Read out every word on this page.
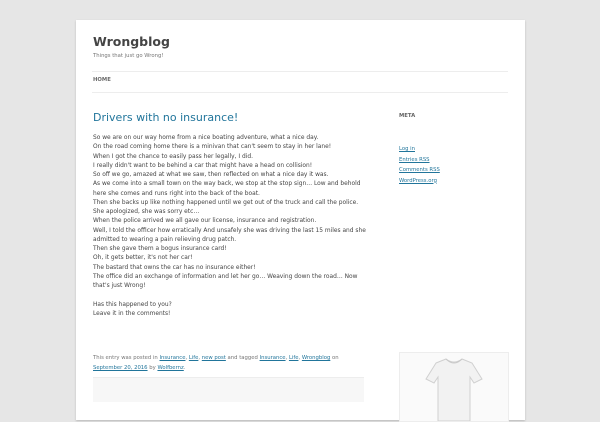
Wrongblog

Things that just go Wrong!

HOME
Drivers with no insurance!
So we are on our way home from a nice boating adventure, what a nice day.
On the road coming home there is a minivan that can't seem to stay in her lane!
When I got the chance to easily pass her legally, I did.
I really didn't want to be behind a car that might have a head on collision!
So off we go, amazed at what we saw, then reflected on what a nice day it was.
As we come into a small town on the way back, we stop at the stop sign… Low and behold
here she comes and runs right into the back of the boat.
Then she backs up like nothing happened until we get out of the truck and call the police.
She apologized, she was sorry etc…
When the police arrived we all gave our license, insurance and registration.
Well, I told the officer how erratically And unsafely she was driving the last 15 miles and she
admitted to wearing a pain relieving drug patch.
Then she gave them a bogus insurance card!
Oh, it gets better, it's not her car!
The bastard that owns the car has no insurance either!
The office did an exchange of information and let her go… Weaving down the road… Now
that's just Wrong!
Has this happened to you?
Leave it in the comments!
This entry was posted in Insurance, Life, new post and tagged Insurance, Life, Wrongblog on
September 20, 2016 by Wolfbernz.
META
Log in
Entries RSS
Comments RSS
WordPress.org
